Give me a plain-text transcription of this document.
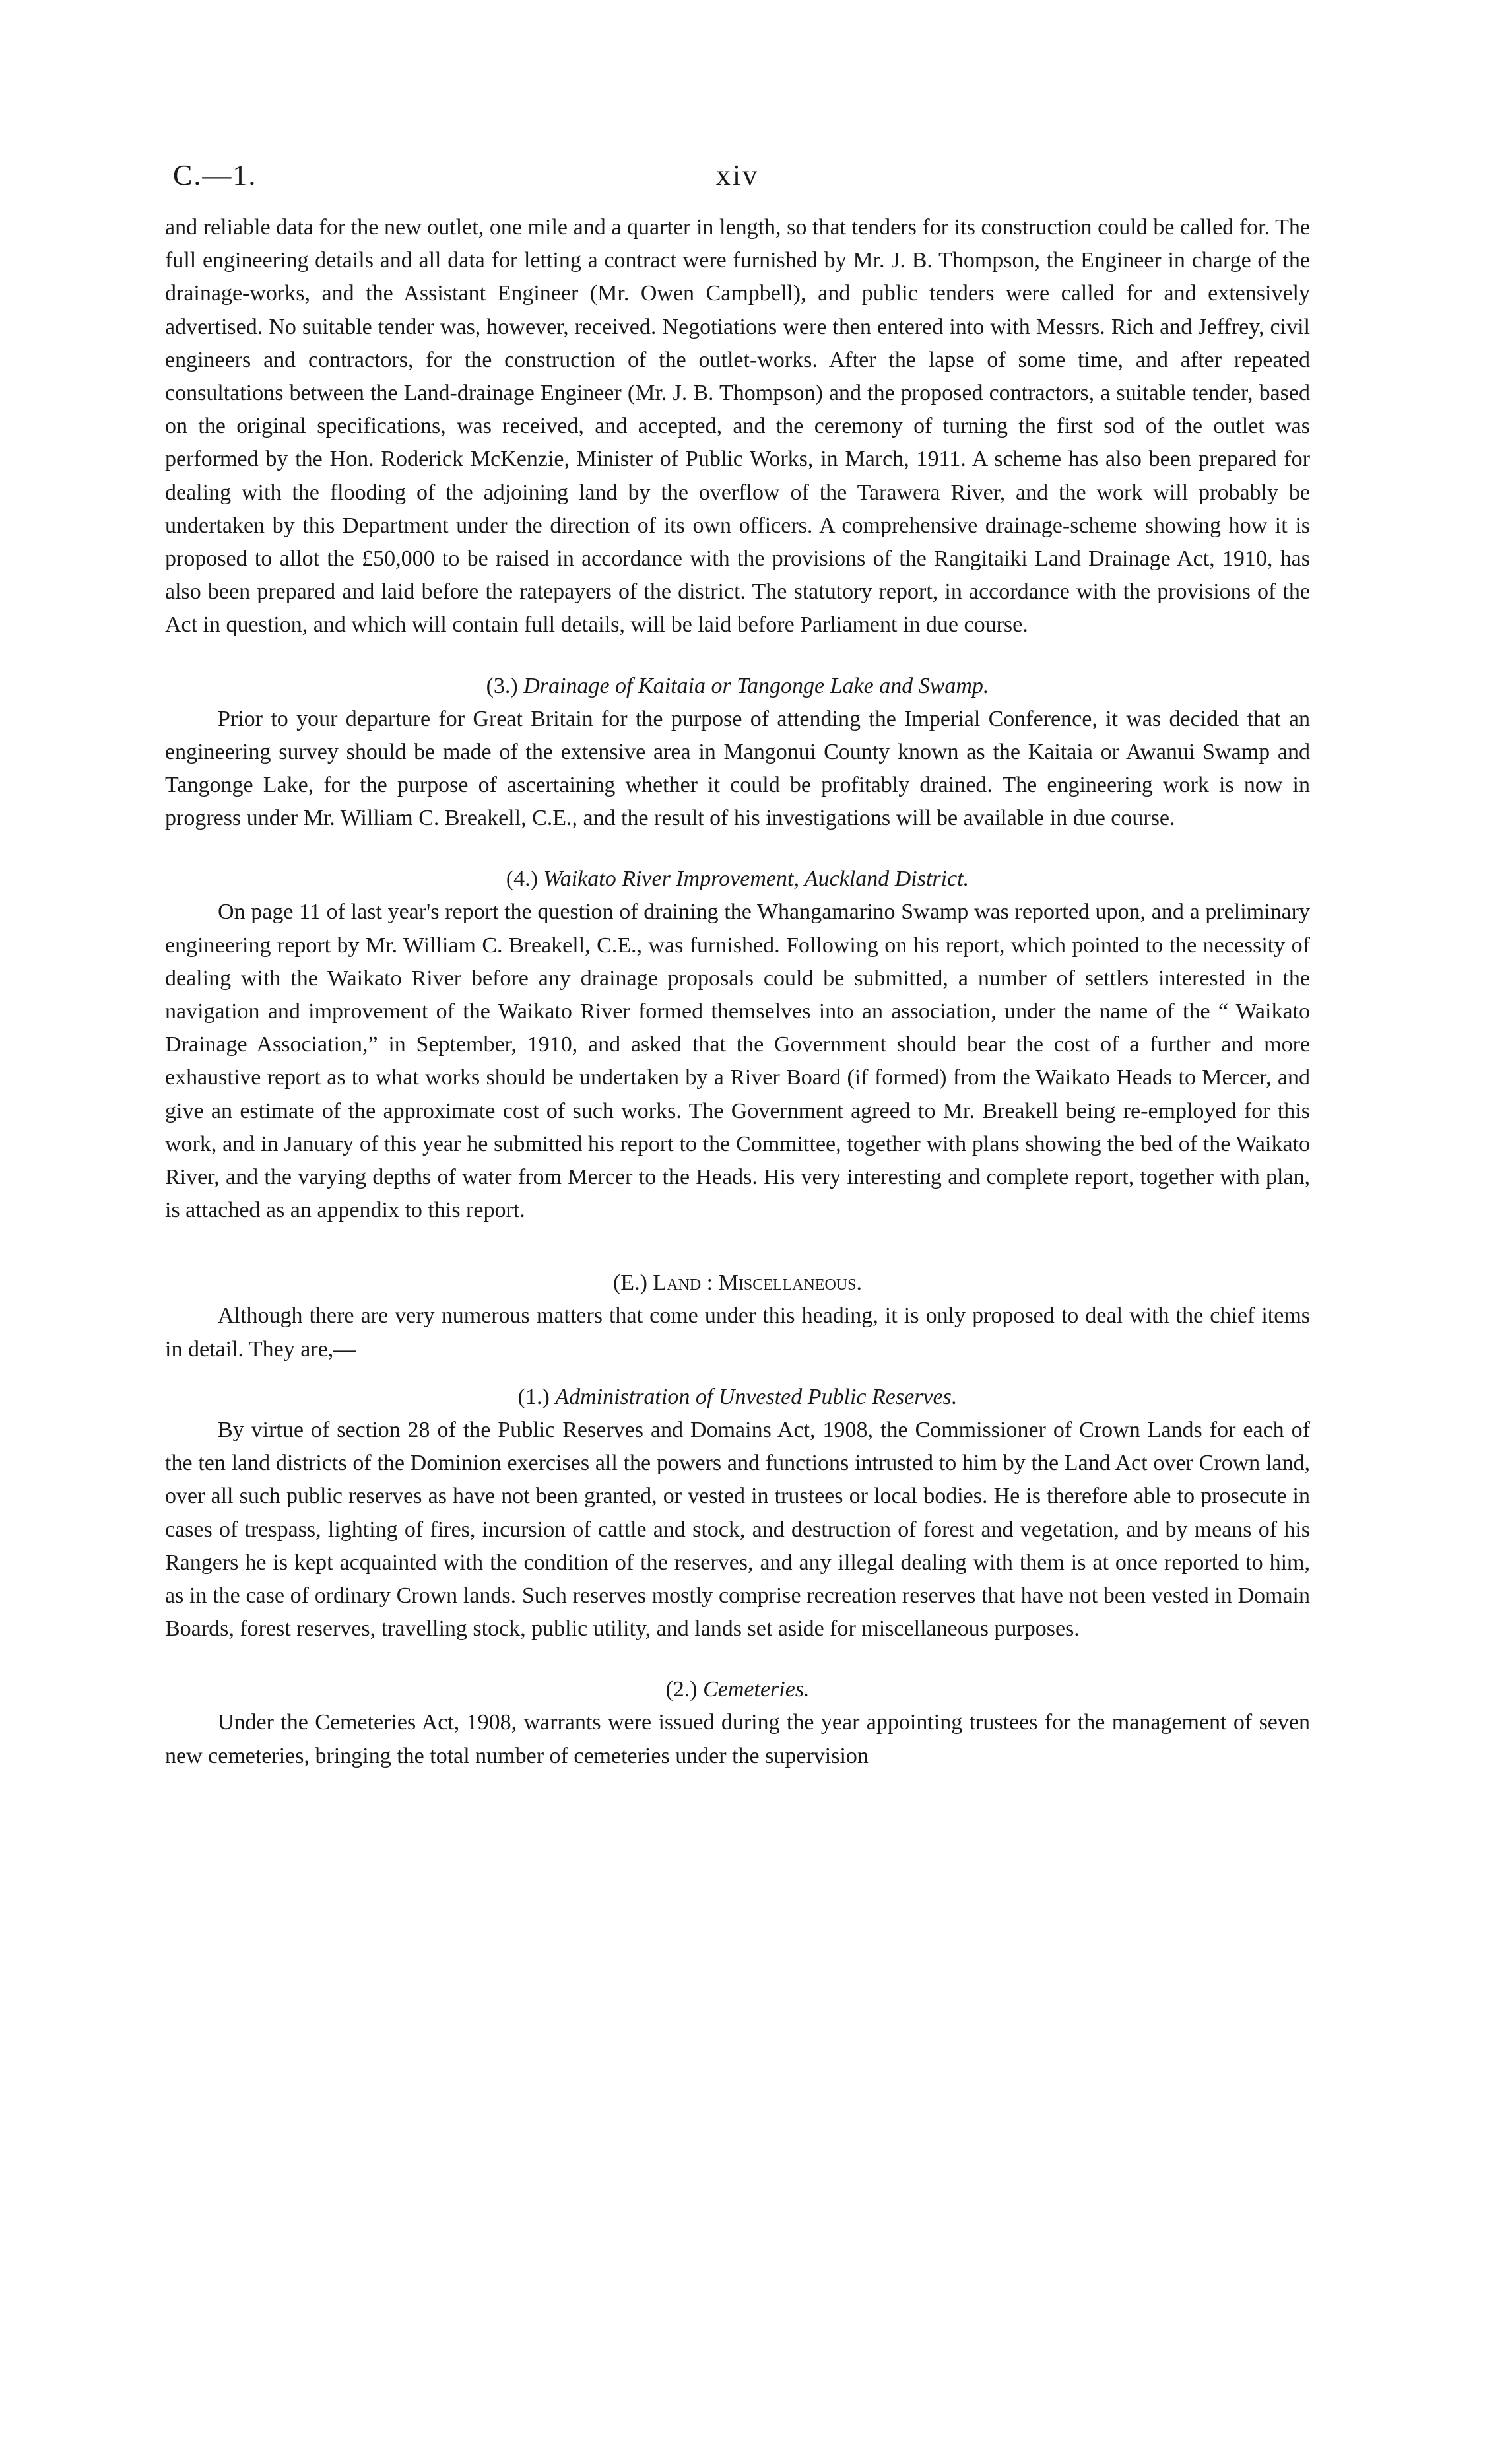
C.—1.	xiv

and reliable data for the new outlet, one mile and a quarter in length, so that tenders for its construction could be called for. The full engineering details and all data for letting a contract were furnished by Mr. J. B. Thompson, the Engineer in charge of the drainage-works, and the Assistant Engineer (Mr. Owen Campbell), and public tenders were called for and extensively advertised. No suitable tender was, however, received. Negotiations were then entered into with Messrs. Rich and Jeffrey, civil engineers and contractors, for the construction of the outlet-works. After the lapse of some time, and after repeated consultations between the Land-drainage Engineer (Mr. J. B. Thompson) and the proposed contractors, a suitable tender, based on the original specifications, was received, and accepted, and the ceremony of turning the first sod of the outlet was performed by the Hon. Roderick McKenzie, Minister of Public Works, in March, 1911. A scheme has also been prepared for dealing with the flooding of the adjoining land by the overflow of the Tarawera River, and the work will probably be undertaken by this Department under the direction of its own officers. A comprehensive drainage-scheme showing how it is proposed to allot the £50,000 to be raised in accordance with the provisions of the Rangitaiki Land Drainage Act, 1910, has also been prepared and laid before the ratepayers of the district. The statutory report, in accordance with the provisions of the Act in question, and which will contain full details, will be laid before Parliament in due course.

(3.) Drainage of Kaitaia or Tangonge Lake and Swamp.

Prior to your departure for Great Britain for the purpose of attending the Imperial Conference, it was decided that an engineering survey should be made of the extensive area in Mangonui County known as the Kaitaia or Awanui Swamp and Tangonge Lake, for the purpose of ascertaining whether it could be profitably drained. The engineering work is now in progress under Mr. William C. Breakell, C.E., and the result of his investigations will be available in due course.

(4.) Waikato River Improvement, Auckland District.

On page 11 of last year's report the question of draining the Whangamarino Swamp was reported upon, and a preliminary engineering report by Mr. William C. Breakell, C.E., was furnished. Following on his report, which pointed to the necessity of dealing with the Waikato River before any drainage proposals could be submitted, a number of settlers interested in the navigation and improvement of the Waikato River formed themselves into an association, under the name of the “ Waikato Drainage Association,” in September, 1910, and asked that the Government should bear the cost of a further and more exhaustive report as to what works should be undertaken by a River Board (if formed) from the Waikato Heads to Mercer, and give an estimate of the approximate cost of such works. The Government agreed to Mr. Breakell being re-employed for this work, and in January of this year he submitted his report to the Committee, together with plans showing the bed of the Waikato River, and the varying depths of water from Mercer to the Heads. His very interesting and complete report, together with plan, is attached as an appendix to this report.

(E.) Land : Miscellaneous.

Although there are very numerous matters that come under this heading, it is only proposed to deal with the chief items in detail. They are,—

(1.) Administration of Unvested Public Reserves.

By virtue of section 28 of the Public Reserves and Domains Act, 1908, the Commissioner of Crown Lands for each of the ten land districts of the Dominion exercises all the powers and functions intrusted to him by the Land Act over Crown land, over all such public reserves as have not been granted, or vested in trustees or local bodies. He is therefore able to prosecute in cases of trespass, lighting of fires, incursion of cattle and stock, and destruction of forest and vegetation, and by means of his Rangers he is kept acquainted with the condition of the reserves, and any illegal dealing with them is at once reported to him, as in the case of ordinary Crown lands. Such reserves mostly comprise recreation reserves that have not been vested in Domain Boards, forest reserves, travelling stock, public utility, and lands set aside for miscellaneous purposes.

(2.) Cemeteries.

Under the Cemeteries Act, 1908, warrants were issued during the year appointing trustees for the management of seven new cemeteries, bringing the total number of cemeteries under the supervision
